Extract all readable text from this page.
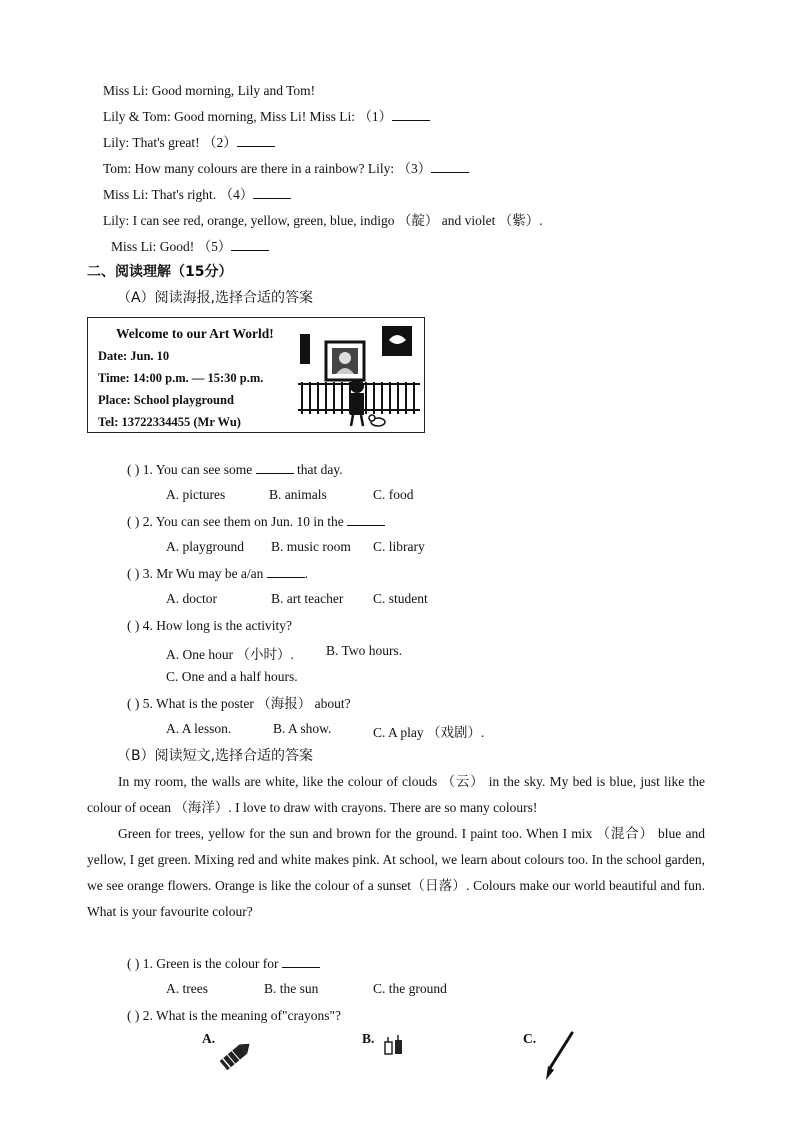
Miss Li: Good morning, Lily and Tom!
Lily & Tom: Good morning, Miss Li! Miss Li: （1）
Lily: That's great! （2）
Tom: How many colours are there in a rainbow? Lily: （3）
Miss Li: That's right. （4）
Lily: I can see red, orange, yellow, green, blue, indigo （靛） and violet （紫）.
Miss Li: Good! （5）
二、阅读理解（15分）
（A）阅读海报,选择合适的答案
Welcome to our Art World!
Date: Jun. 10
Time: 14:00 p.m. — 15:30 p.m.
Place: School playground
Tel: 13722334455 (Mr Wu)
( ) 1. You can see some	that day.
A. pictures	B. animals	C. food
( ) 2. You can see them on Jun. 10 in the
A. playground B. music room C. library
( ) 3. Mr Wu may be a/an	.
A. doctor	B. art teacher C. student
( ) 4. How long is the activity?
A. One hour （小时）. B. Two hours.
C. One and a half hours.
( ) 5. What is the poster （海报） about?
A. A lesson.	B. A show.	C. A play （戏剧）.
（B）阅读短文,选择合适的答案

In my room, the walls are white, like the colour of clouds （云） in the sky. My bed is blue, just like the colour of ocean （海洋）. I love to draw with crayons. There are so many colours!

Green for trees, yellow for the sun and brown for the ground. I paint too. When I mix （混合） blue and yellow, I get green. Mixing red and white makes pink. At school, we learn about colours too. In the school garden, we see orange flowers. Orange is like the colour of a sunset（日落）. Colours make our world beautiful and fun. What is your favourite colour?

( ) 1. Green is the colour for
A. trees	B. the sun	C. the ground
( ) 2. What is the meaning of"crayons"?
A.	B.	C.
